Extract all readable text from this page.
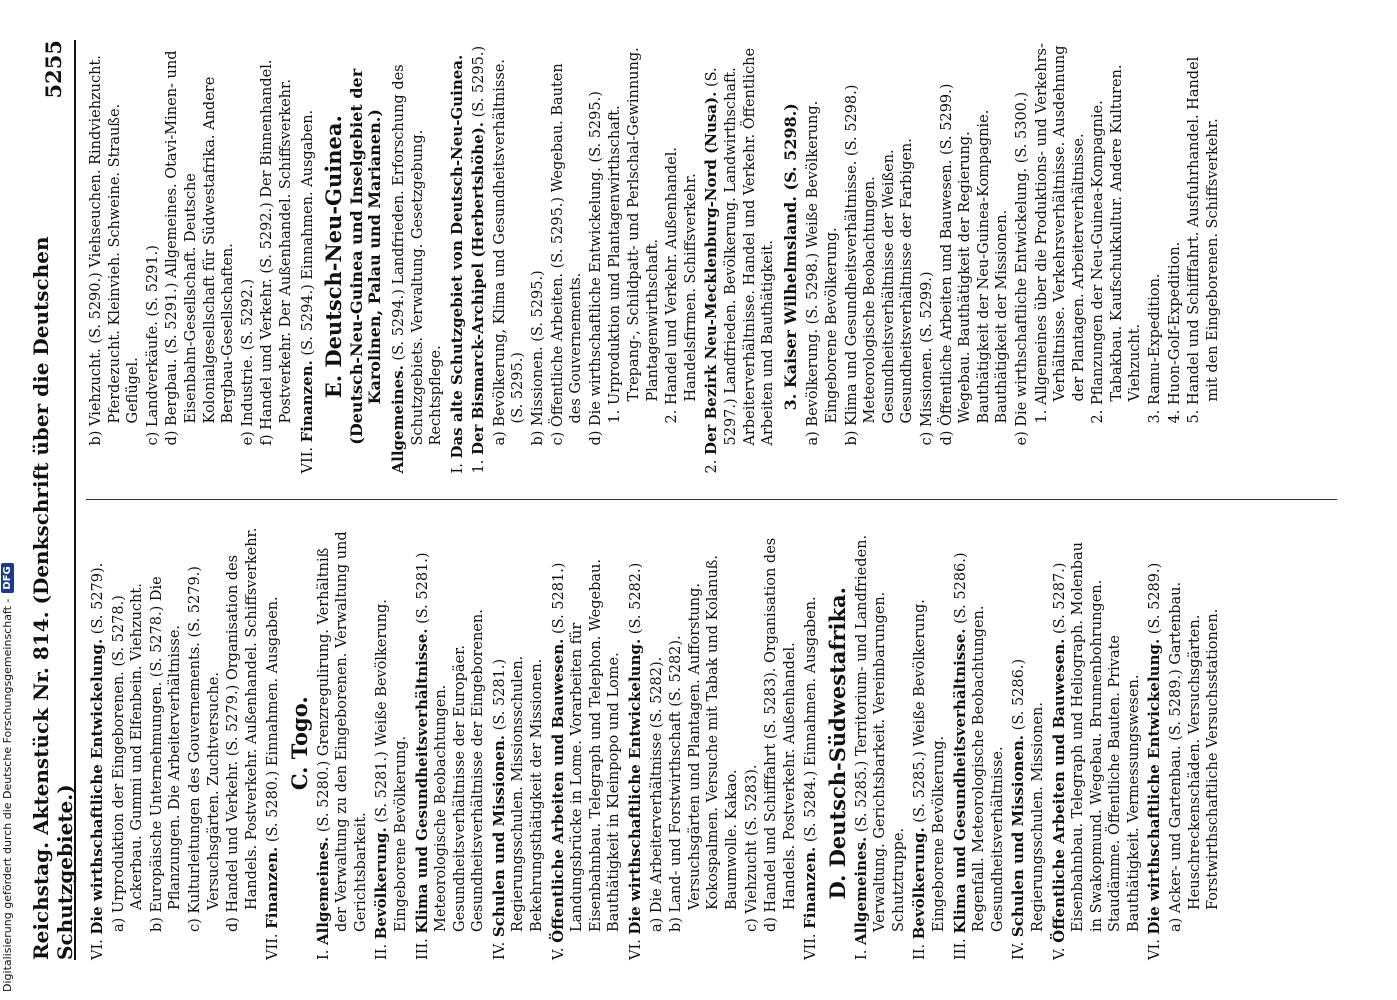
Reichstag. Aktenstück Nr. 814. (Denkschrift über die Deutschen Schutzgebiete.)
5255
VI. Die wirthschaftliche Entwickelung. (S. 5279). a) Urproduktion der Eingeborenen. (S. 5278.) Ackerbau. Gummi und Elfenbein. Viehzucht. b) Europäische Unternehmungen. (S. 5278.) Die Pflanzungen. Die Arbeiterverhältnisse. c) Kulturleitungen des Gouvernements. (S. 5279.) Versuchsgärten. Zuchtversuche. d) Handel und Verkehr. (S. 5279.) Organisation des Handels. Postverkehr. Außenhandel. Schiffsverkehr.
VII. Finanzen. (S. 5280.) Einnahmen. Ausgaben. C. Togo.
I. Allgemeines. (S. 5280.) Grenzregulirung. Verhältniß der Verwaltung zu den Eingeborenen. Verwaltung und Gerichtsbarkeit.
II. Bevölkerung. (S. 5281.) Weiße Bevölkerung. Eingeborene Bevölkerung.
III. Klima und Gesundheitsverhältnisse. (S. 5281.) Meteorologische Beobachtungen. Gesundheitsverhältnisse der Europäer. Gesundheitsverhältnisse der Eingeborenen.
IV. Schulen und Missionen. (S. 5281.) Regierungsschulen. Missionsschulen. Bekehrungsthätigkeit der Missionen.
V. Öffentliche Arbeiten und Bauwesen. (S. 5281.) Landungsbrücke in Lome. Vorarbeiten für Eisenbahnbau. Telegraph und Telephon. Wegebau. Bauthätigkeit in Kleinpopo und Lome.
VI. Die wirthschaftliche Entwickelung. (S. 5282.)
a) Die Arbeiterverhältnisse (S. 5282). b) Land- und Forstwirthschaft (S. 5282). Versuchsgärten und Plantagen. Aufforstung. Kokospalmen. Versuche mit Tabak und Kolanuß. Baumwolle. Kakao. c) Viehzucht (S. 5283). d) Handel und Schifffahrt (S. 5283). Organisation des Handels. Postverkehr. Außenhandel.
VII. Finanzen. (S. 5284.) Einnahmen. Ausgaben. D. Deutsch-Südwestafrika.
I. Allgemeines. (S. 5285.) Territorium- und Landfrieden. Verwaltung. Gerichtsbarkeit. Vereinbarungen. Schutztruppe.
II. Bevölkerung. (S. 5285.) Weiße Bevölkerung. Eingeborene Bevölkerung.
III. Klima und Gesundheitsverhältnisse. (S. 5286.) Regenfall. Meteorologische Beobachtungen. Gesundheitsverhältnisse.
IV. Schulen und Missionen. (S. 5286.) Regierungsschulen. Missionen.
V. Öffentliche Arbeiten und Bauwesen. (S. 5287.) Eisenbahnbau. Telegraph und Heliograph. Molenbau in Swakopmund. Wegebau. Brunnenbohrungen. Staudämme. Öffentliche Bauten. Private Bauthätigkeit. Vermessungswesen.
VI. Die wirthschaftliche Entwickelung. (S. 5289.) a) Acker- und Gartenbau. (S. 5289.) Gartenbau. Heuschreckenschäden. Versuchsgärten. Forstwirthschaftliche Versuchsstationen.
b) Viehzucht. (S. 5290.) Viehseuchen. Rindviehzucht. Pferdezucht. Kleinvieh. Schweine. Strauße. Geflügel. c) Landverkäufe. (S. 5291.) d) Bergbau. (S. 5291.) Allgemeines. Otavi-Minen- und Eisenbahn-Gesellschaft. Deutsche Kolonialgesellschaft für Südwestafrika. Andere Bergbau-Gesellschaften. e) Industrie. (S. 5292.) f) Handel und Verkehr. (S. 5292.) Der Binnenhandel. Postverkehr. Der Außenhandel. Schiffsverkehr.
VII. Finanzen. (S. 5294.) Einnahmen. Ausgaben. E. Deutsch-Neu-Guinea. (Deutsch-Neu-Guinea und Inselgebiet der Karolinen, Palau und Marianen.)
Allgemeines. (S. 5294.) Landfrieden. Erforschung des Schutzgebiets. Verwaltung. Gesetzgebung. Rechtspflege.
I. Das alte Schutzgebiet von Deutsch-Neu-Guinea.
1. Der Bismarck-Archipel (Herbertshöhe). (S. 5295.) a) Bevölkerung, Klima und Gesundheitsverhältnisse. (S. 5295.) b) Missionen. (S. 5295.) c) Öffentliche Arbeiten. (S. 5295.) Wegebau. Bauten des Gouvernements. d) Die wirthschaftliche Entwickelung. (S. 5295.) 1. Urproduktion und Plantagenwirthschaft. Trepang-, Schildpatt- und Perlschal-Gewinnung. Plantagenwirthschaft. 2. Handel und Verkehr. Außenhandel. Handelsfirmen. Schiffsverkehr.
2. Der Bezirk Neu-Mecklenburg-Nord (Nusa). (S. 5297.) Landfrieden. Bevölkerung. Landwirthschaft. Arbeiterverhältnisse. Handel und Verkehr. Öffentliche Arbeiten und Bauthätigkeit. 3. Kaiser Wilhelmsland. (S. 5298.) a) Bevölkerung. (S. 5298.) Weiße Bevölkerung. Eingeborene Bevölkerung. b) Klima und Gesundheitsverhältnisse. (S. 5298.) Meteorologische Beobachtungen. Gesundheitsverhältnisse der Weißen. Gesundheitsverhältnisse der Farbigen. c) Missionen. (S. 5299.) d) Öffentliche Arbeiten und Bauwesen. (S. 5299.) Wegebau. Bauthätigkeit der Regierung. Bauthätigkeit der Neu-Guinea-Kompagnie. Bauthätigkeit der Missionen. e) Die wirthschaftliche Entwickelung. (S. 5300.) 1. Allgemeines über die Produktions- und Verkehrs-Verhältnisse. Verkehrsverhältnisse. Ausdehnung der Plantagen. Arbeiterverhältnisse. 2. Pflanzungen der Neu-Guinea-Kompagnie. Tabakbau. Kaufschukkultur. Andere Kulturen. Viehzucht. 3. Ramu-Expedition. 4. Huon-Golf-Expedition. 5. Handel und Schifffahrt. Ausfuhrhandel. Handel mit den Eingeborenen. Schiffsverkehr.
Digitalisierung gefördert durch die Deutsche Forschungsgemeinschaft -
DFG
